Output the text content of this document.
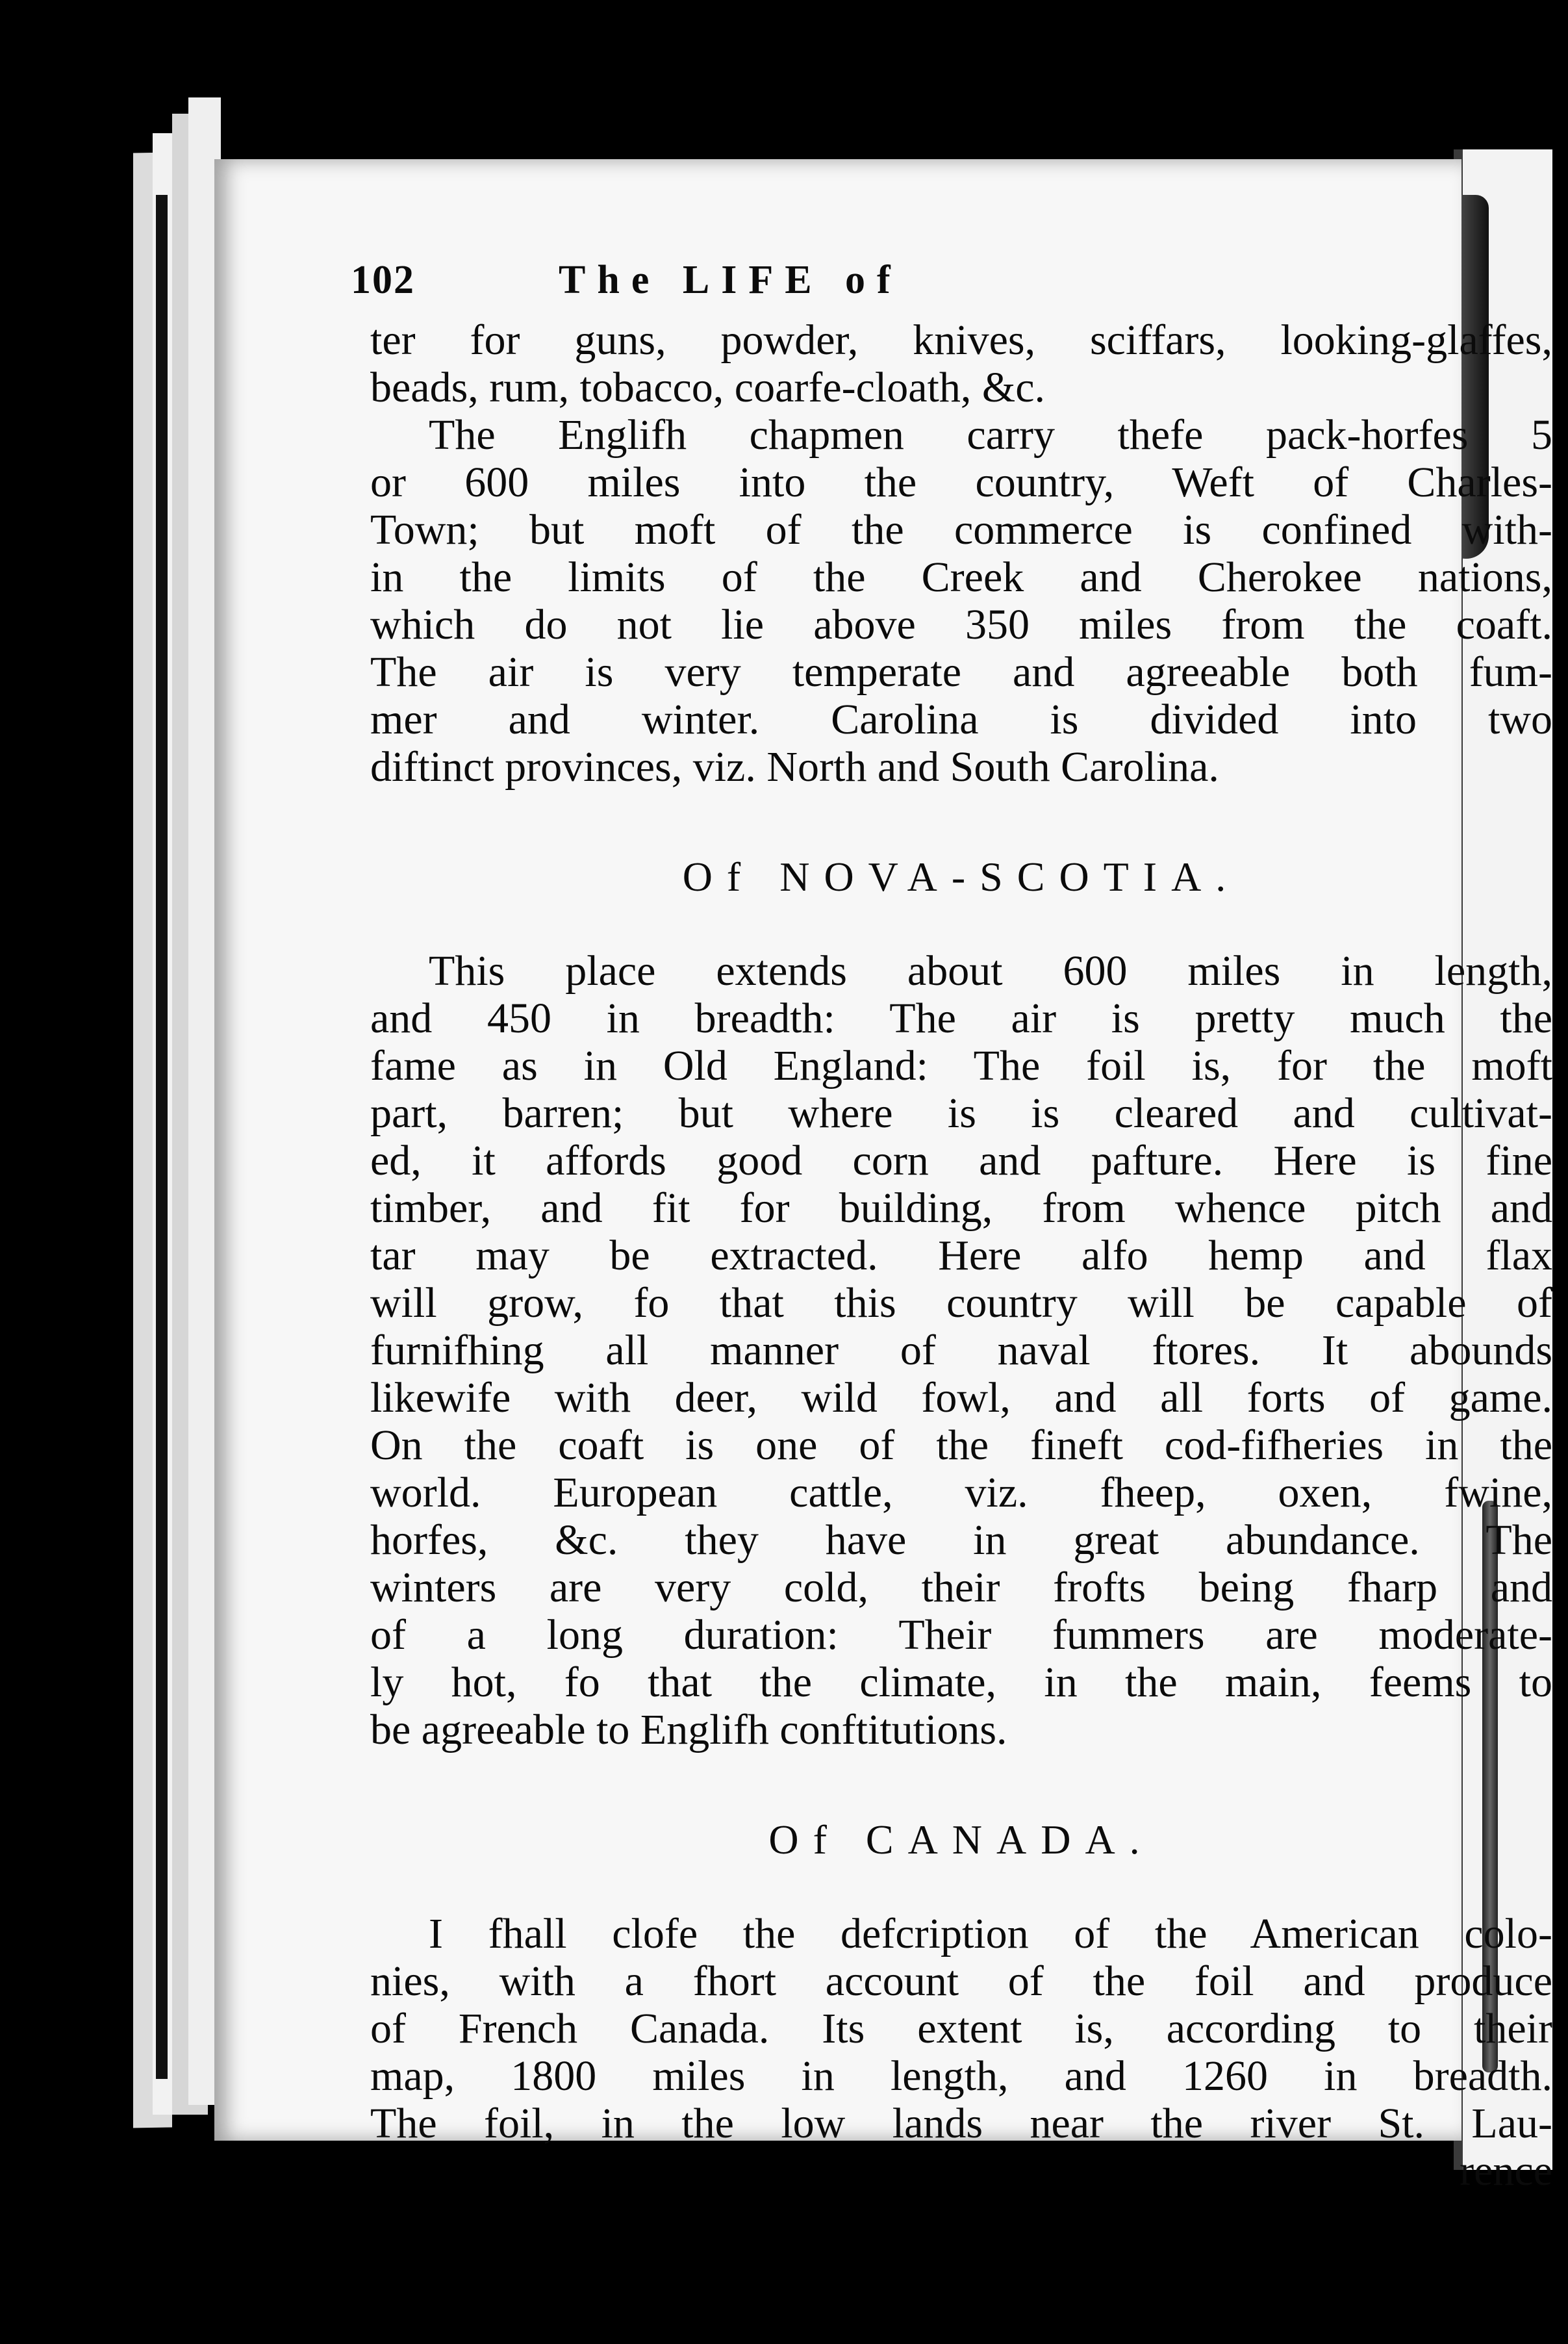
102	The LIFE of
ter for guns, powder, knives, sciffars, looking-glaffes,
beads, rum, tobacco, coarfe-cloath, &c.
The Englifh chapmen carry thefe pack-horfes 5
or 600 miles into the country, Weft of Charles-
Town; but moft of the commerce is confined with-
in the limits of the Creek and Cherokee nations,
which do not lie above 350 miles from the coaft.
The air is very temperate and agreeable both fum-
mer and winter. Carolina is divided into two
diftinct provinces, viz. North and South Carolina.
Of NOVA-SCOTIA.
This place extends about 600 miles in length,
and 450 in breadth: The air is pretty much the
fame as in Old England: The foil is, for the moft
part, barren; but where is is cleared and cultivat-
ed, it affords good corn and pafture. Here is fine
timber, and fit for building, from whence pitch and
tar may be extracted. Here alfo hemp and flax
will grow, fo that this country will be capable of
furnifhing all manner of naval ftores. It abounds
likewife with deer, wild fowl, and all forts of game.
On the coaft is one of the fineft cod-fifheries in the
world. European cattle, viz. fheep, oxen, fwine,
horfes, &c. they have in great abundance. The
winters are very cold, their frofts being fharp and
of a long duration: Their fummers are moderate-
ly hot, fo that the climate, in the main, feems to
be agreeable to Englifh conftitutions.
Of CANADA.
I fhall clofe the defcription of the American colo-
nies, with a fhort account of the foil and produce
of French Canada. Its extent is, according to their
map, 1800 miles in length, and 1260 in breadth.
The foil, in the low lands near the river St. Lau-
rence
